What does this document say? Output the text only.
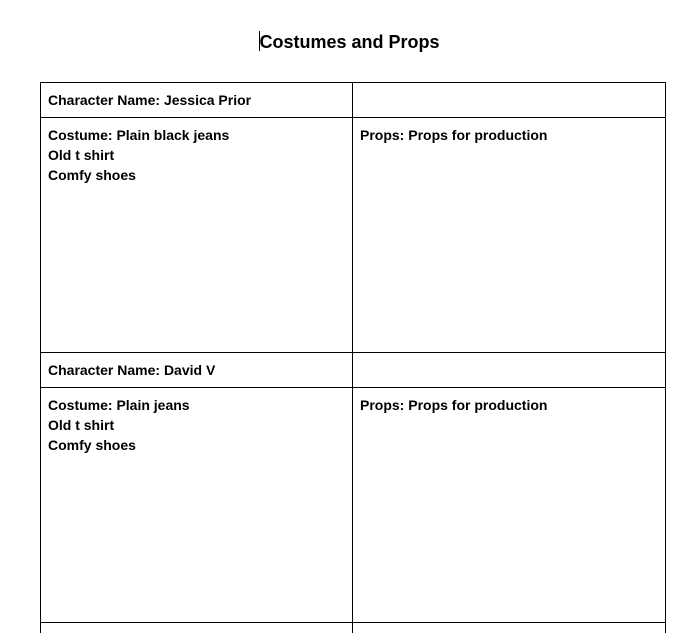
Costumes and Props
Character Name: Jessica Prior	

Costume: Plain black jeans
Old t shirt
Comfy shoes	Props: Props for production

Character Name: David V	

Costume: Plain jeans
Old t shirt
Comfy shoes	Props: Props for production
